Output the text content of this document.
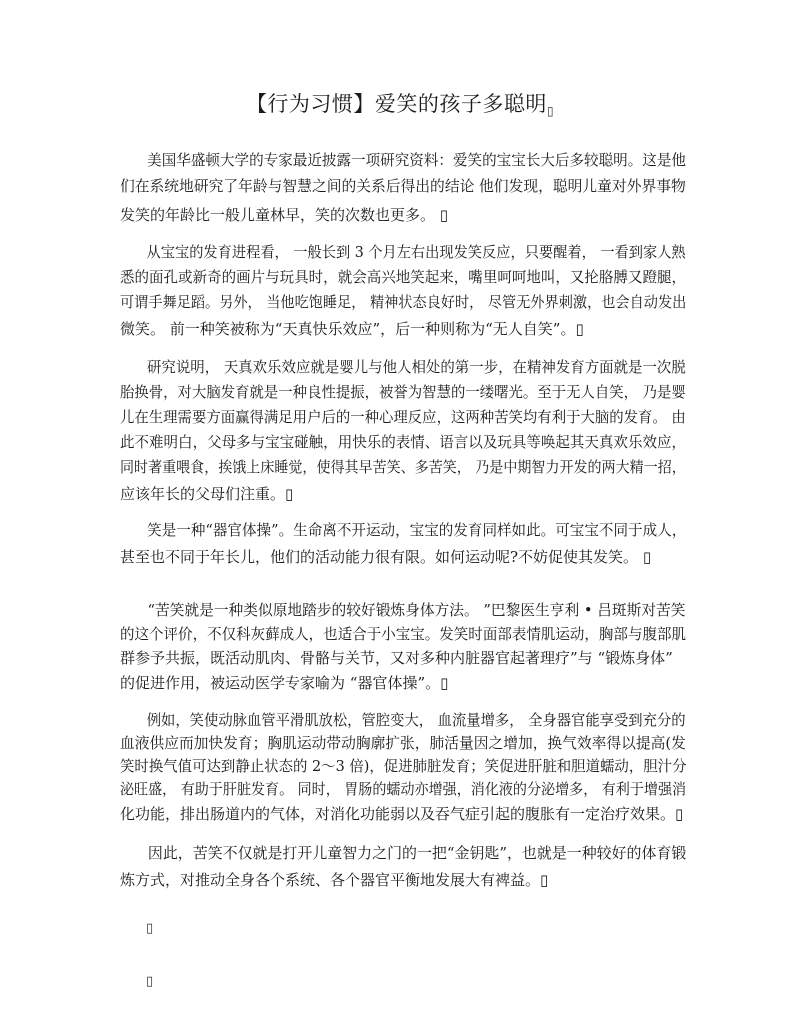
【行为习惯】爱笑的孩子多聪明▯
美国华盛顿大学的专家最近披露一项研究资料：爱笑的宝宝长大后多较聪明。这是他
们在系统地研究了年龄与智慧之间的关系后得出的结论 他们发现，聪明儿童对外界事物
发笑的年龄比一般儿童林早，笑的次数也更多。 ▯
从宝宝的发育进程看， 一般长到 3 个月左右出现发笑反应，只要醒着， 一看到家人熟
悉的面孔或新奇的画片与玩具时，就会高兴地笑起来，嘴里呵呵地叫，又抡胳膊又蹬腿，
可谓手舞足蹈。另外， 当他吃饱睡足， 精神状态良好时， 尽管无外界刺激，也会自动发出
微笑。 前一种笑被称为“天真快乐效应”，后一种则称为“无人自笑”。▯
研究说明， 天真欢乐效应就是婴儿与他人相处的第一步，在精神发育方面就是一次脱
胎换骨，对大脑发育就是一种良性提振，被誉为智慧的一缕曙光。至于无人自笑， 乃是婴
儿在生理需要方面赢得满足用户后的一种心理反应，这两种苦笑均有利于大脑的发育。 由
此不难明白，父母多与宝宝碰触，用快乐的表情、语言以及玩具等唤起其天真欢乐效应，
同时著重喂食，挨饿上床睡觉，使得其早苦笑、多苦笑， 乃是中期智力开发的两大精一招，
应该年长的父母们注重。▯
笑是一种“器官体操”。生命离不开运动，宝宝的发育同样如此。可宝宝不同于成人，
甚至也不同于年长儿，他们的活动能力很有限。如何运动呢?不妨促使其发笑。 ▯
“苦笑就是一种类似原地踏步的较好锻炼身体方法。 ”巴黎医生亨利 • 吕斑斯对苦笑
的这个评价，不仅科灰藓成人，也适合于小宝宝。发笑时面部表情肌运动，胸部与腹部肌
群参予共振，既活动肌肉、骨骼与关节，又对多种内脏器官起著理疗”与 “锻炼身体”
的促进作用，被运动医学专家喻为 “器官体操”。▯
例如，笑使动脉血管平滑肌放松，管腔变大， 血流量增多， 全身器官能享受到充分的
血液供应而加快发育；胸肌运动带动胸廓扩张，肺活量因之增加，换气效率得以提高(发
笑时换气值可达到静止状态的 2～3 倍)，促进肺脏发育；笑促进肝脏和胆道蠕动，胆汁分
泌旺盛， 有助于肝脏发育。 同时， 胃肠的蠕动亦增强，消化液的分泌增多， 有利于增强消
化功能，排出肠道内的气体，对消化功能弱以及吞气症引起的腹胀有一定治疗效果。▯
因此，苦笑不仅就是打开儿童智力之门的一把“金钥匙”，也就是一种较好的体育锻
炼方式，对推动全身各个系统、各个器官平衡地发展大有裨益。▯
▯
▯
